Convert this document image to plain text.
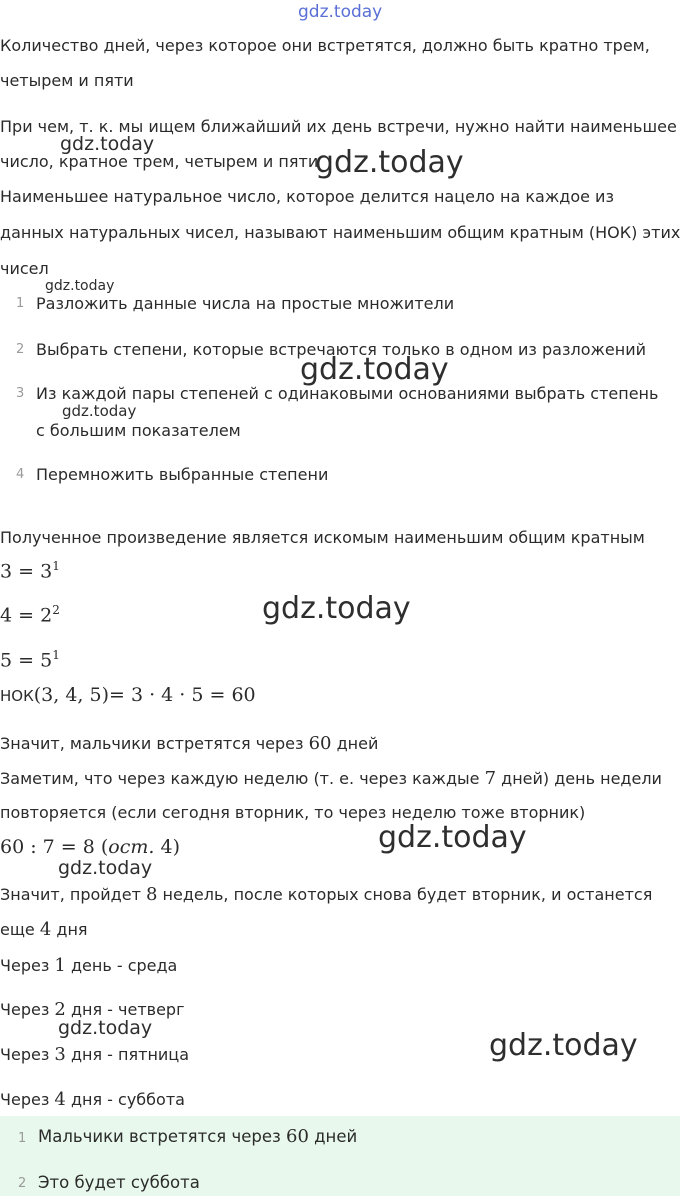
gdz.today
Количество дней, через которое они встретятся, должно быть кратно трем,
четырем и пяти
При чем, т. к. мы ищем ближайший их день встречи, нужно найти наименьшее
число, кратное трем, четырем и пяти
Наименьшее натуральное число, которое делится нацело на каждое из
данных натуральных чисел, называют наименьшим общим кратным (НОК) этих
чисел
1 Разложить данные числа на простые множители
2 Выбрать степени, которые встречаются только в одном из разложений
3 Из каждой пары степеней с одинаковыми основаниями выбрать степень
с большим показателем
4 Перемножить выбранные степени
Полученное произведение является искомым наименьшим общим кратным
$3 = 3^1$
$4 = 2^2$
$5 = 5^1$
НОК(3, 4, 5)= 3 · 4 · 5 = 60
Значит, мальчики встретятся через 60 дней
Заметим, что через каждую неделю (т. е. через каждые 7 дней) день недели
повторяется (если сегодня вторник, то через неделю тоже вторник)
60 : 7 = 8 (ост. 4)
Значит, пройдет 8 недель, после которых снова будет вторник, и останется
еще 4 дня
Через 1 день - среда
Через 2 дня - четверг
Через 3 дня - пятница
Через 4 дня - суббота
1 Мальчики встретятся через 60 дней
2 Это будет суббота
gdz.today
gdz.today
gdz.today
gdz.today
gdz.today
gdz.today
gdz.today
gdz.today
gdz.today	gdz.today
